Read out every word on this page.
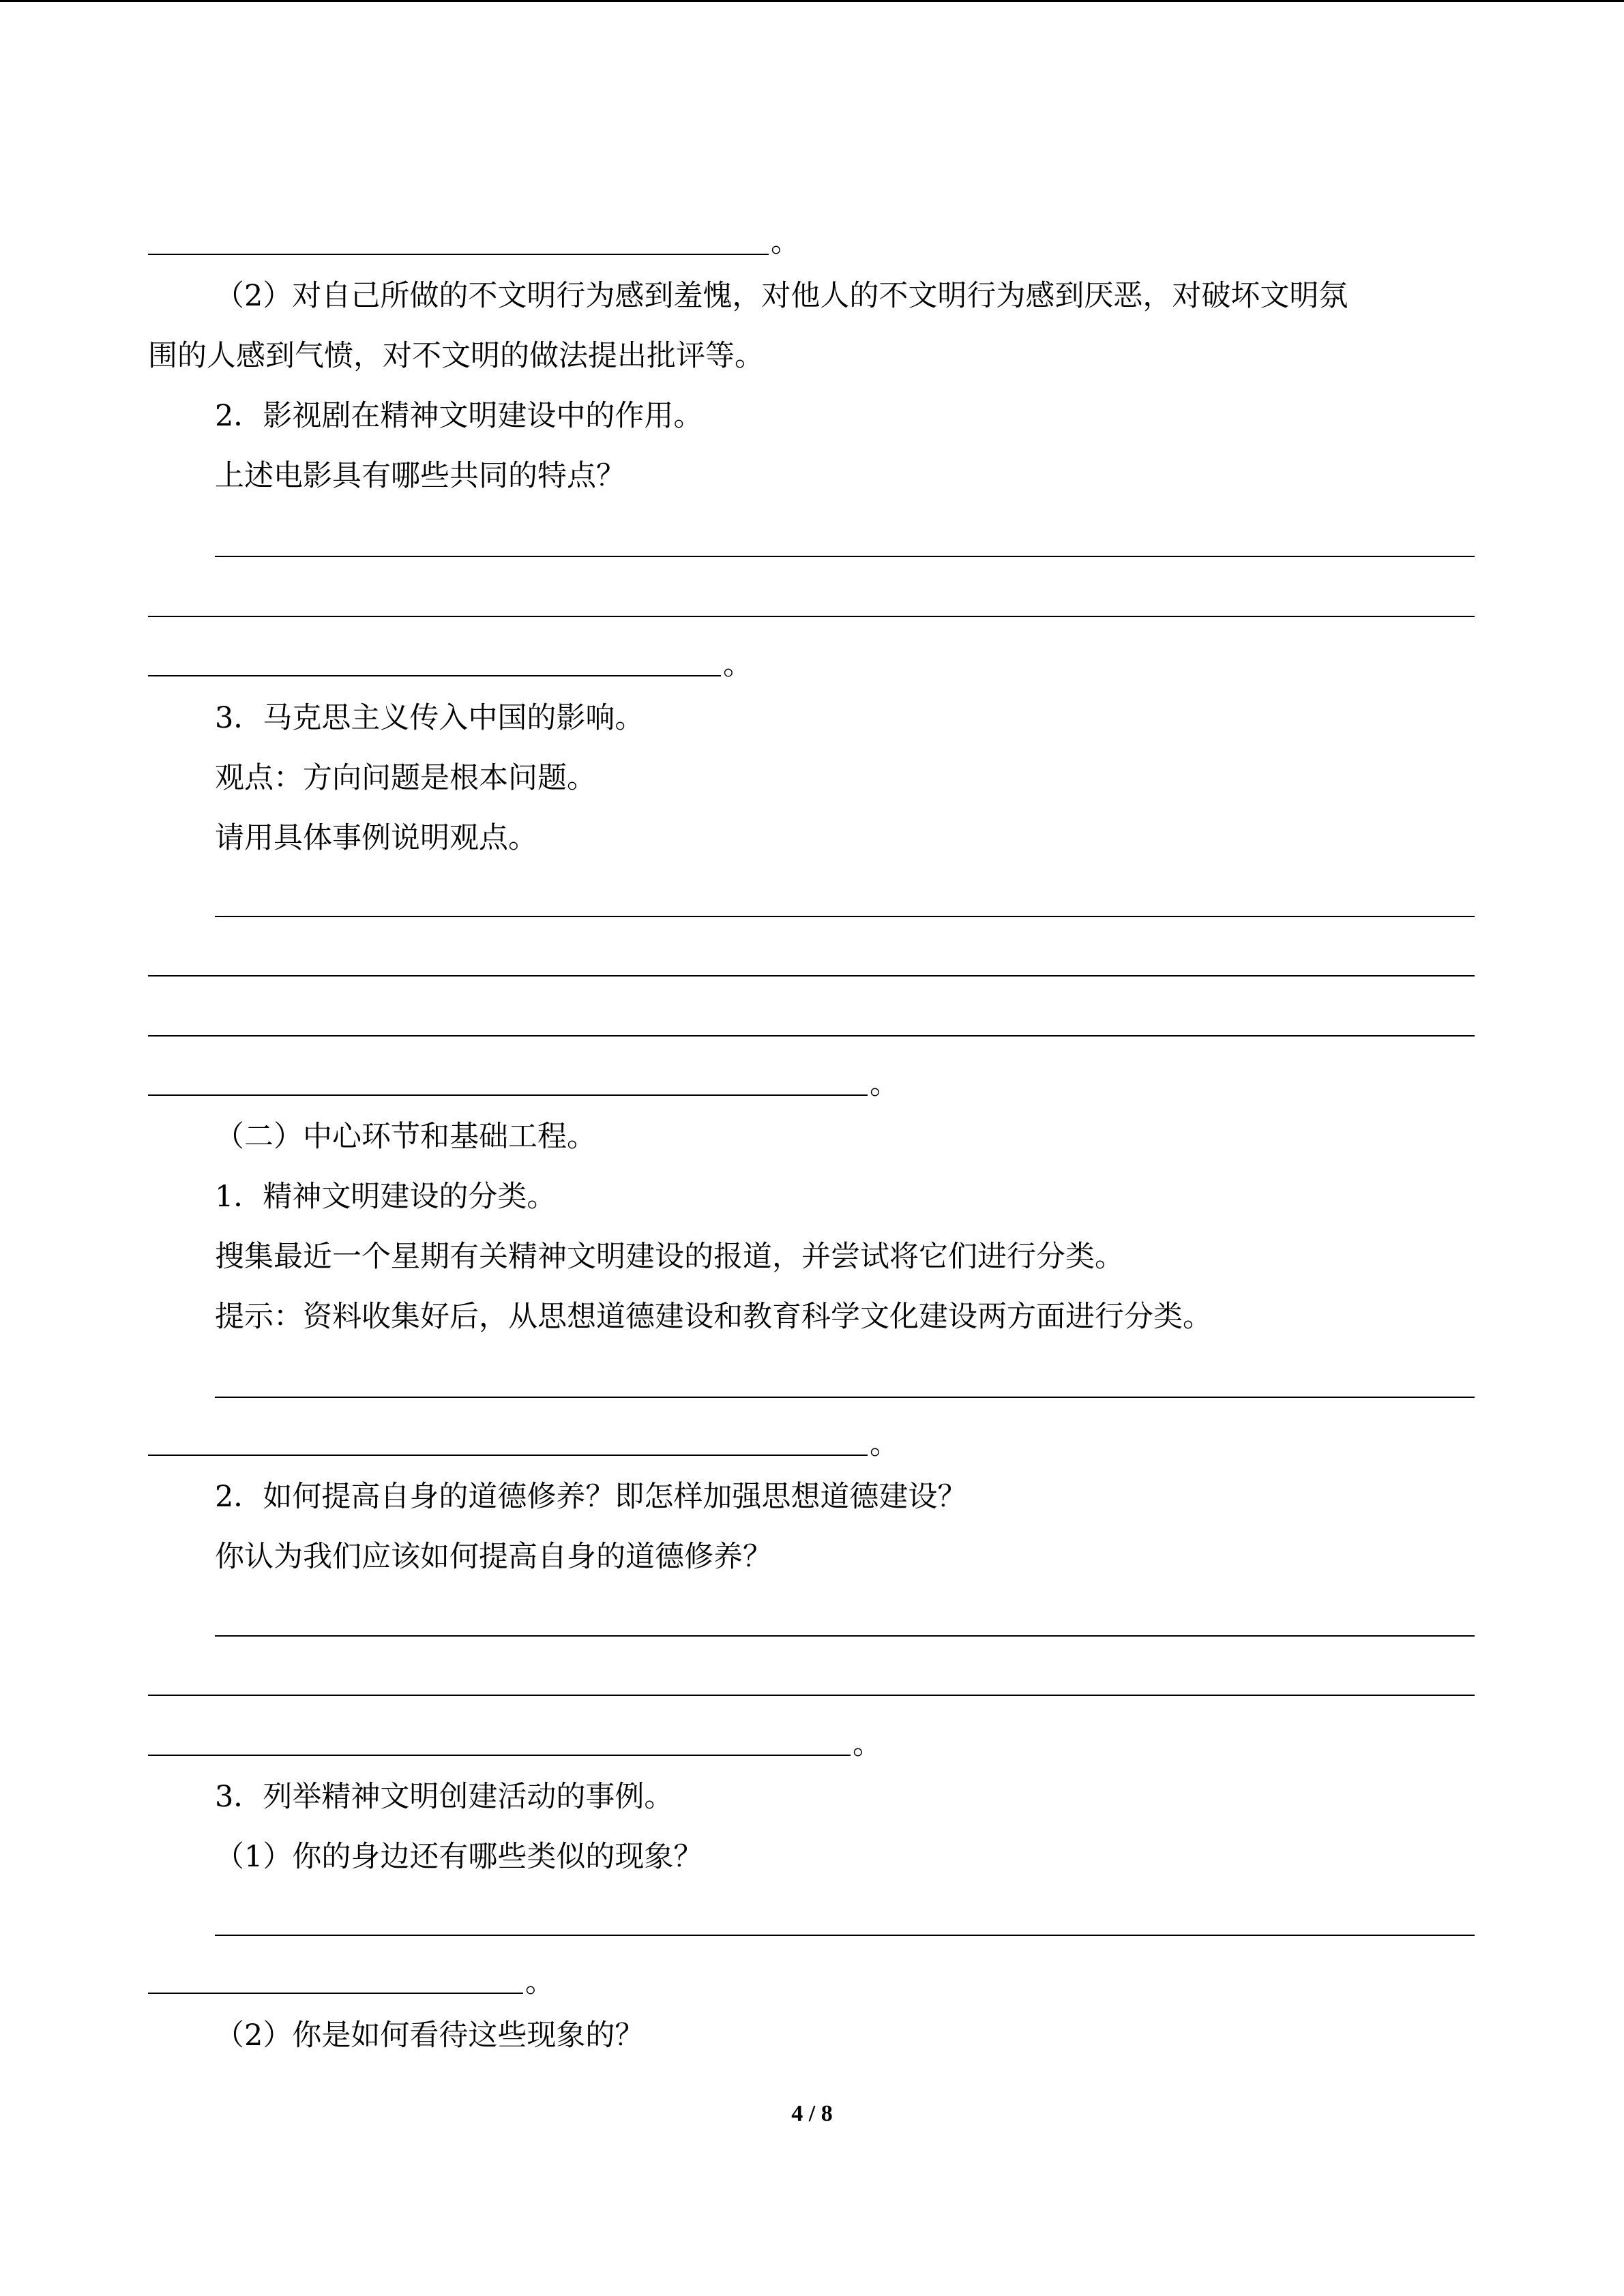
。

（2）对自己所做的不文明行为感到羞愧，对他人的不文明行为感到厌恶，对破坏文明氛

围的人感到气愤，对不文明的做法提出批评等。

2．影视剧在精神文明建设中的作用。

上述电影具有哪些共同的特点？

。

3．马克思主义传入中国的影响。

观点：方向问题是根本问题。

请用具体事例说明观点。

。

（二）中心环节和基础工程。

1．精神文明建设的分类。

搜集最近一个星期有关精神文明建设的报道，并尝试将它们进行分类。

提示：资料收集好后，从思想道德建设和教育科学文化建设两方面进行分类。

。

2．如何提高自身的道德修养？即怎样加强思想道德建设？

你认为我们应该如何提高自身的道德修养？

。

3．列举精神文明创建活动的事例。

（1）你的身边还有哪些类似的现象？

。

（2）你是如何看待这些现象的？

4 / 8
